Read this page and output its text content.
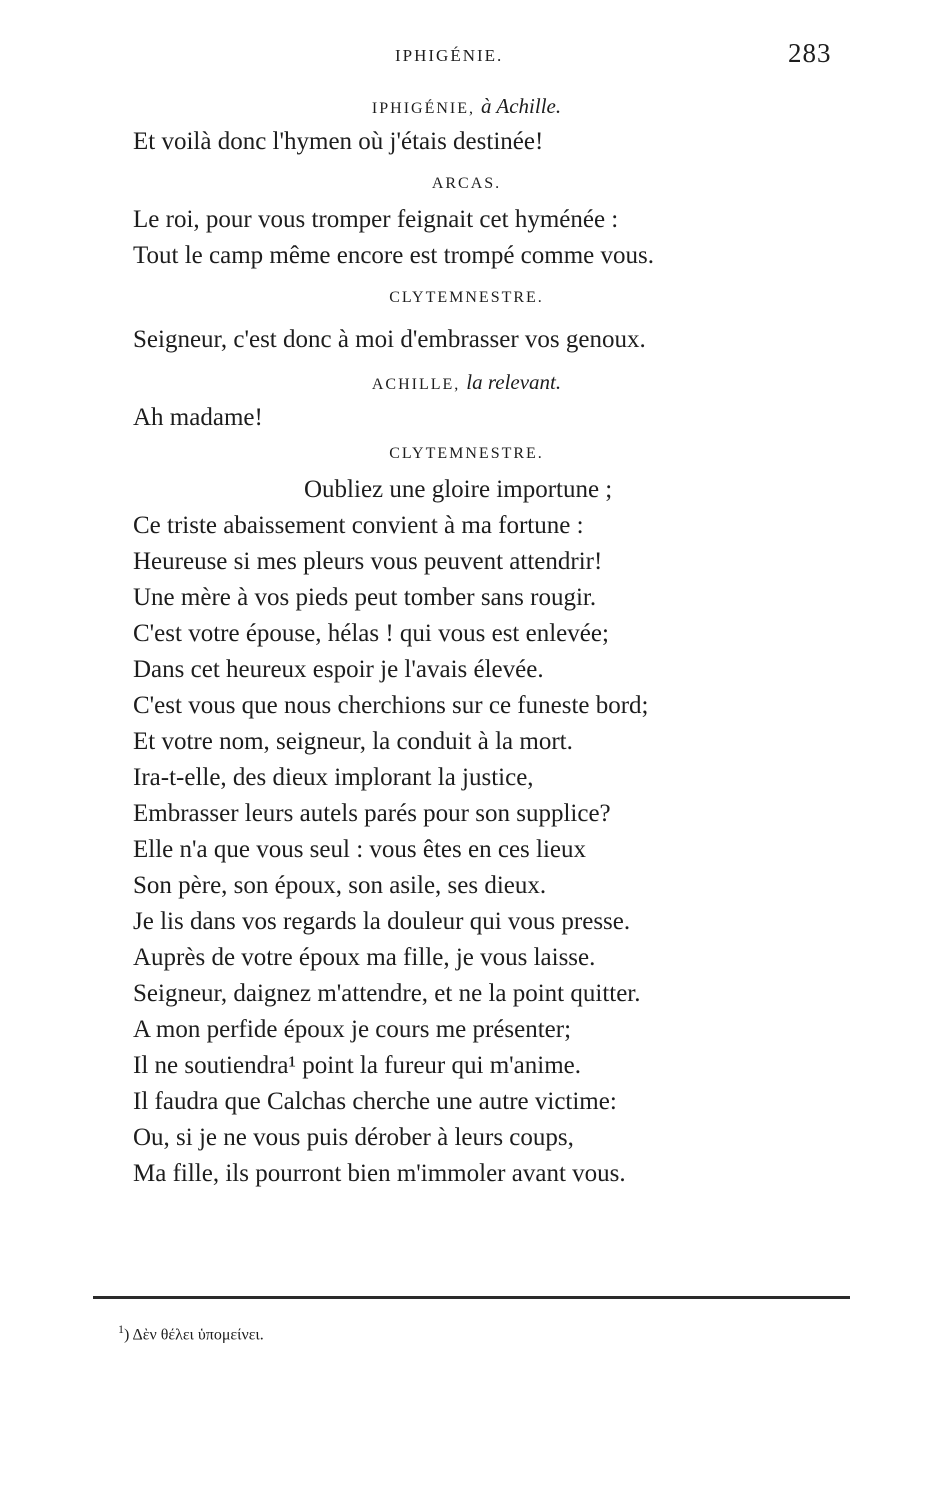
IPHIGÉNIE.	283
IPHIGÉNIE, à Achille.
Et voilà donc l'hymen où j'étais destinée!
ARCAS.
Le roi, pour vous tromper feignait cet hyménée :
Tout le camp même encore est trompé comme vous.
CLYTEMNESTRE.
Seigneur, c'est donc à moi d'embrasser vos genoux.
ACHILLE, la relevant.
Ah madame!
CLYTEMNESTRE.
Oubliez une gloire importune ;
Ce triste abaissement convient à ma fortune :
Heureuse si mes pleurs vous peuvent attendrir!
Une mère à vos pieds peut tomber sans rougir.
C'est votre épouse, hélas ! qui vous est enlevée;
Dans cet heureux espoir je l'avais élevée.
C'est vous que nous cherchions sur ce funeste bord;
Et votre nom, seigneur, la conduit à la mort.
Ira-t-elle, des dieux implorant la justice,
Embrasser leurs autels parés pour son supplice?
Elle n'a que vous seul : vous êtes en ces lieux
Son père, son époux, son asile, ses dieux.
Je lis dans vos regards la douleur qui vous presse.
Auprès de votre époux ma fille, je vous laisse.
Seigneur, daignez m'attendre, et ne la point quitter.
A mon perfide époux je cours me présenter;
Il ne soutiendra¹ point la fureur qui m'anime.
Il faudra que Calchas cherche une autre victime:
Ou, si je ne vous puis dérober à leurs coups,
Ma fille, ils pourront bien m'immoler avant vous.
$^1$) Δὲν θέλει ὑπομείνει.
